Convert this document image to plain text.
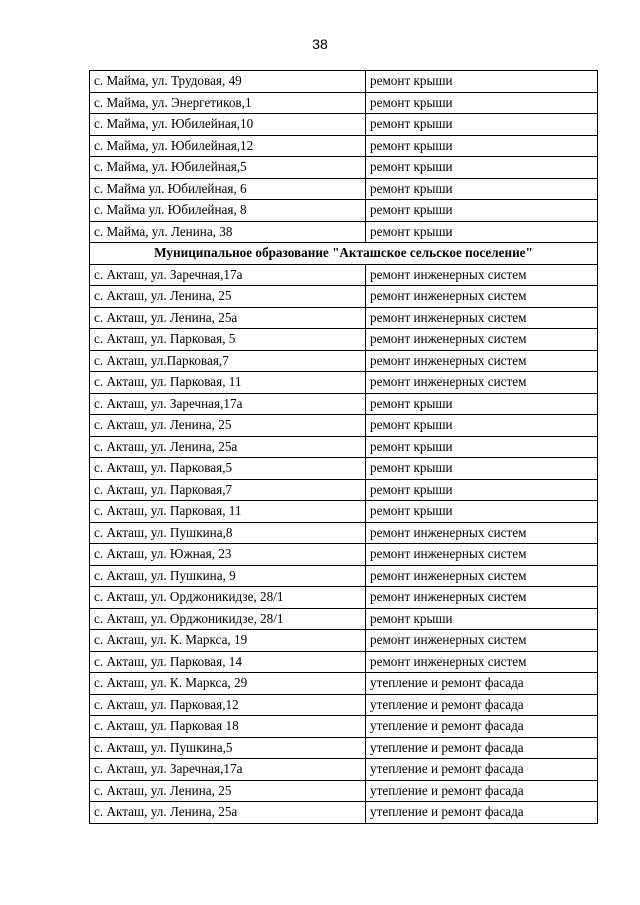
38
с. Майма, ул. Трудовая, 49	ремонт крыши
с. Майма, ул. Энергетиков,1	ремонт крыши
с. Майма, ул. Юбилейная,10	ремонт крыши
с. Майма, ул. Юбилейная,12	ремонт крыши
с. Майма, ул. Юбилейная,5	ремонт крыши
с. Майма ул. Юбилейная, 6	ремонт крыши
с. Майма ул. Юбилейная, 8	ремонт крыши
с. Майма, ул. Ленина, 38	ремонт крыши
Муниципальное образование "Акташское сельское поселение"	
с. Акташ, ул. Заречная,17а	ремонт инженерных систем
с. Акташ, ул. Ленина, 25	ремонт инженерных систем
с. Акташ, ул. Ленина, 25а	ремонт инженерных систем
с. Акташ, ул. Парковая, 5	ремонт инженерных систем
с. Акташ, ул.Парковая,7	ремонт инженерных систем
с. Акташ, ул. Парковая, 11	ремонт инженерных систем
с. Акташ, ул. Заречная,17а	ремонт крыши
с. Акташ, ул. Ленина, 25	ремонт крыши
с. Акташ, ул. Ленина, 25а	ремонт крыши
с. Акташ, ул. Парковая,5	ремонт крыши
с. Акташ, ул. Парковая,7	ремонт крыши
с. Акташ, ул. Парковая, 11	ремонт крыши
с. Акташ, ул. Пушкина,8	ремонт инженерных систем
с. Акташ, ул. Южная, 23	ремонт инженерных систем
с. Акташ, ул. Пушкина, 9	ремонт инженерных систем
с. Акташ, ул. Орджоникидзе, 28/1	ремонт инженерных систем
с. Акташ, ул. Орджоникидзе, 28/1	ремонт крыши
с. Акташ, ул. К. Маркса, 19	ремонт инженерных систем
с. Акташ, ул. Парковая, 14	ремонт инженерных систем
с. Акташ, ул. К. Маркса, 29	утепление и ремонт фасада
с. Акташ, ул. Парковая,12	утепление и ремонт фасада
с. Акташ, ул. Парковая 18	утепление и ремонт фасада
с. Акташ, ул. Пушкина,5	утепление и ремонт фасада
с. Акташ, ул. Заречная,17а	утепление и ремонт фасада
с. Акташ, ул. Ленина, 25	утепление и ремонт фасада
с. Акташ, ул. Ленина, 25а	утепление и ремонт фасада
